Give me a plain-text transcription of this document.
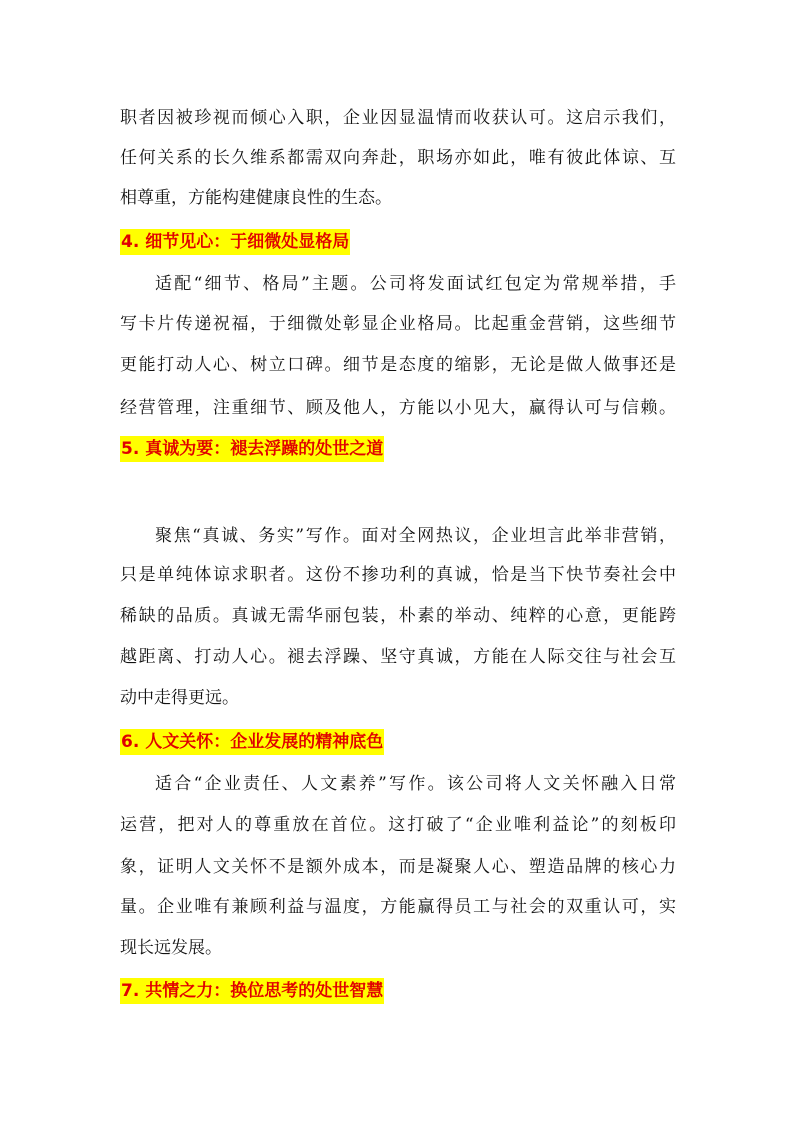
职者因被珍视而倾心入职，企业因显温情而收获认可。这启示我们，
任何关系的长久维系都需双向奔赴，职场亦如此，唯有彼此体谅、互
相尊重，方能构建健康良性的生态。
4. 细节见心：于细微处显格局
适配“细节、格局”主题。公司将发面试红包定为常规举措，手
写卡片传递祝福，于细微处彰显企业格局。比起重金营销，这些细节
更能打动人心、树立口碑。细节是态度的缩影，无论是做人做事还是
经营管理，注重细节、顾及他人，方能以小见大，赢得认可与信赖。
5. 真诚为要：褪去浮躁的处世之道
聚焦“真诚、务实”写作。面对全网热议，企业坦言此举非营销，
只是单纯体谅求职者。这份不掺功利的真诚，恰是当下快节奏社会中
稀缺的品质。真诚无需华丽包装，朴素的举动、纯粹的心意，更能跨
越距离、打动人心。褪去浮躁、坚守真诚，方能在人际交往与社会互
动中走得更远。
6. 人文关怀：企业发展的精神底色
适合“企业责任、人文素养”写作。该公司将人文关怀融入日常
运营，把对人的尊重放在首位。这打破了“企业唯利益论”的刻板印
象，证明人文关怀不是额外成本，而是凝聚人心、塑造品牌的核心力
量。企业唯有兼顾利益与温度，方能赢得员工与社会的双重认可，实
现长远发展。
7. 共情之力：换位思考的处世智慧
